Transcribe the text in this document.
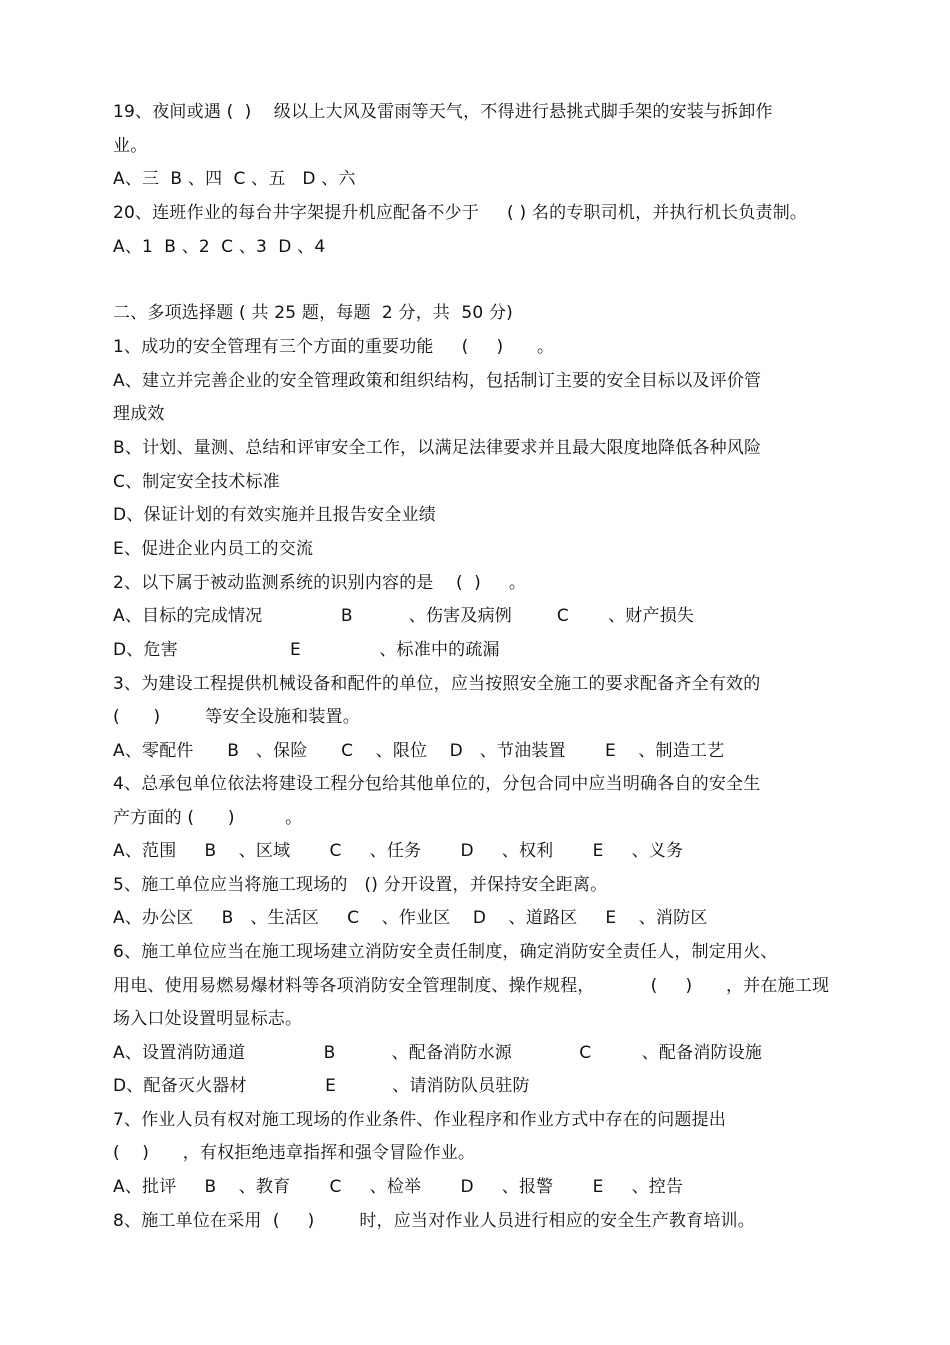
19、夜间或遇 (  )    级以上大风及雷雨等天气，不得进行悬挑式脚手架的安装与拆卸作
业。
A、三  B 、四  C 、五   D 、六
20、连班作业的每台井字架提升机应配备不少于     ( ) 名的专职司机，并执行机长负责制。
A、1  B 、2  C 、3  D 、4
二、多项选择题 ( 共 25 题，每题  2 分，共  50 分)
1、成功的安全管理有三个方面的重要功能     (     )      。
A、建立并完善企业的安全管理政策和组织结构，包括制订主要的安全目标以及评价管
理成效
B、计划、量测、总结和评审安全工作，以满足法律要求并且最大限度地降低各种风险
C、制定安全技术标准
D、保证计划的有效实施并且报告安全业绩
E、促进企业内员工的交流
2、以下属于被动监测系统的识别内容的是    (  )     。
A、目标的完成情况              B          、伤害及病例        C       、财产损失
D、危害                    E              、标准中的疏漏
3、为建设工程提供机械设备和配件的单位，应当按照安全施工的要求配备齐全有效的
(      )        等安全设施和装置。
A、零配件      B   、保险      C    、限位    D   、节油装置       E    、制造工艺
4、总承包单位依法将建设工程分包给其他单位的，分包合同中应当明确各自的安全生
产方面的 (      )         。
A、范围     B    、区域       C     、任务       D     、权利       E     、义务
5、施工单位应当将施工现场的   () 分开设置，并保持安全距离。
A、办公区     B   、生活区     C    、作业区    D    、道路区     E    、消防区
6、施工单位应当在施工现场建立消防安全责任制度，确定消防安全责任人，制定用火、
用电、使用易燃易爆材料等各项消防安全管理制度、操作规程，          (     )      ，并在施工现
场入口处设置明显标志。
A、设置消防通道              B          、配备消防水源            C         、配备消防设施
D、配备灭火器材              E          、请消防队员驻防
7、作业人员有权对施工现场的作业条件、作业程序和作业方式中存在的问题提出
(    )      ，有权拒绝违章指挥和强令冒险作业。
A、批评     B    、教育       C     、检举       D     、报警       E     、控告
8、施工单位在采用  (     )        时，应当对作业人员进行相应的安全生产教育培训。
